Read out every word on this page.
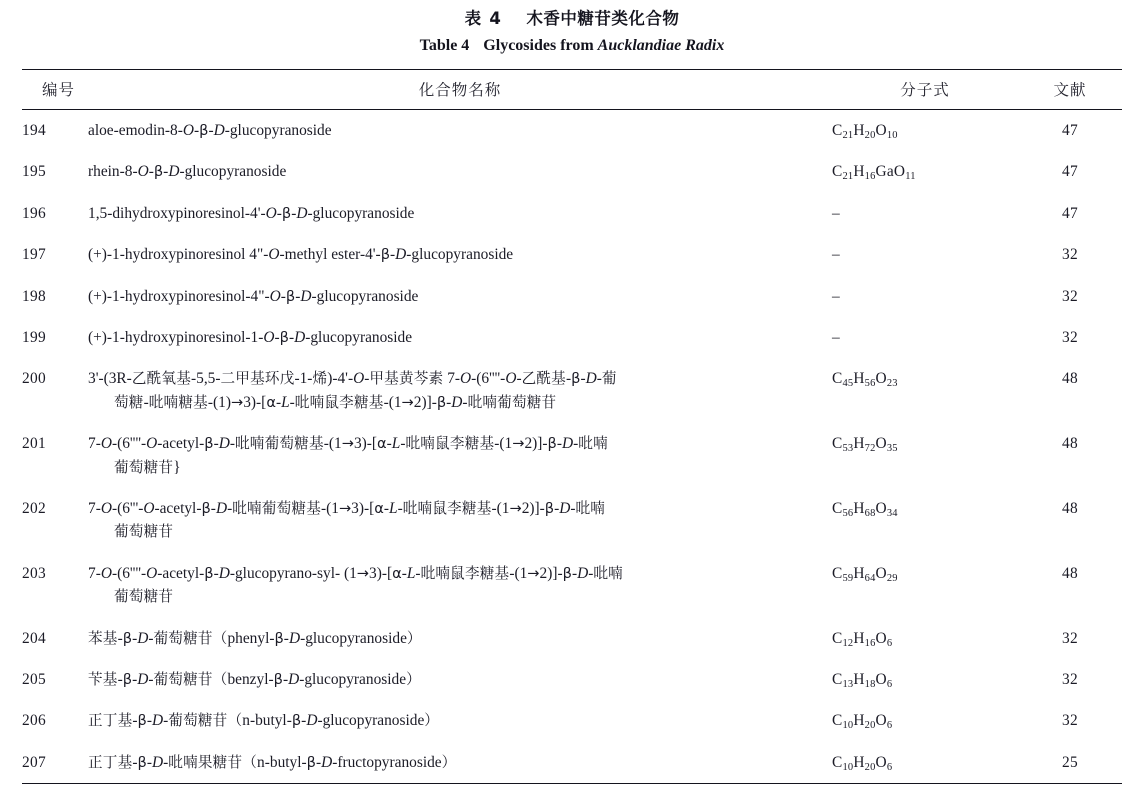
表 4 木香中糖苷类化合物
Table 4 Glycosides from Aucklandiae Radix
编号	化合物名称	分子式	文献
194	aloe-emodin-8-O-β-D-glucopyranoside	$C_{21}H_{20}O_{10}$	47
195	rhein-8-O-β-D-glucopyranoside	$C_{21}H_{16}GaO_{11}$	47
196	1,5-dihydroxypinoresinol-4'-O-β-D-glucopyranoside	–	47
197	(+)-1-hydroxypinoresinol 4"-O-methyl ester-4'-β-D-glucopyranoside	–	32
198	(+)-1-hydroxypinoresinol-4"-O-β-D-glucopyranoside	–	32
199	(+)-1-hydroxypinoresinol-1-O-β-D-glucopyranoside	–	32
200	3'-(3R-乙酰氧基-5,5-二甲基环戊-1-烯)-4'-O-甲基黄芩素 7-O-(6''''-O-乙酰基-β-D-葡
萄糖-吡喃糖基-(1)→3)-[α-L-吡喃鼠李糖基-(1→2)]-β-D-吡喃葡萄糖苷	$C_{45}H_{56}O_{23}$	48
201	7-O-(6''''-O-acetyl-β-D-吡喃葡萄糖基-(1→3)-[α-L-吡喃鼠李糖基-(1→2)]-β-D-吡喃
葡萄糖苷}	$C_{53}H_{72}O_{35}$	48
202	7-O-(6'''-O-acetyl-β-D-吡喃葡萄糖基-(1→3)-[α-L-吡喃鼠李糖基-(1→2)]-β-D-吡喃
葡萄糖苷	$C_{56}H_{68}O_{34}$	48
203	7-O-(6''''-O-acetyl-β-D-glucopyrano-syl- (1→3)-[α-L-吡喃鼠李糖基-(1→2)]-β-D-吡喃
葡萄糖苷	$C_{59}H_{64}O_{29}$	48
204	苯基-β-D-葡萄糖苷（phenyl-β-D-glucopyranoside）	$C_{12}H_{16}O_6$	32
205	苄基-β-D-葡萄糖苷（benzyl-β-D-glucopyranoside）	$C_{13}H_{18}O_6$	32
206	正丁基-β-D-葡萄糖苷（n-butyl-β-D-glucopyranoside）	$C_{10}H_{20}O_6$	32
207	正丁基-β-D-吡喃果糖苷（n-butyl-β-D-fructopyranoside）	$C_{10}H_{20}O_6$	25
